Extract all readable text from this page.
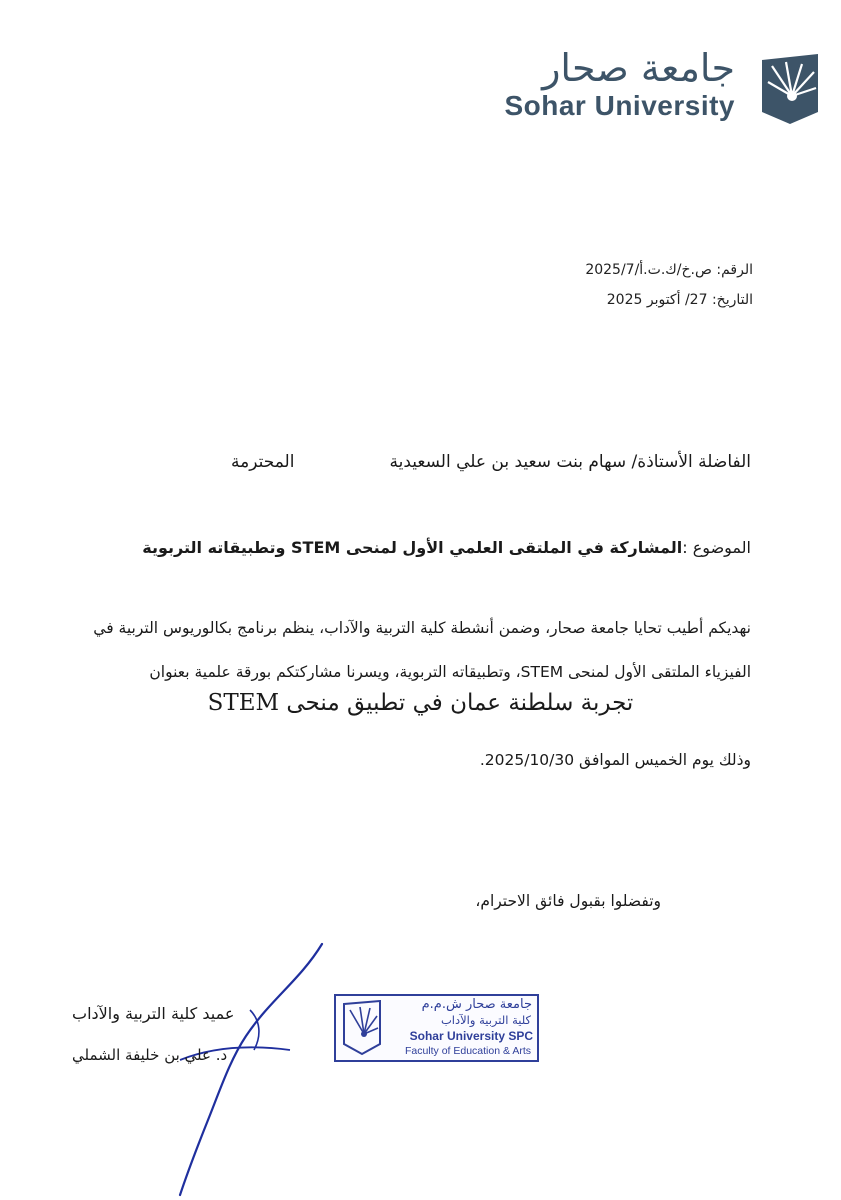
جامعة صحار
Sohar University
الرقم: ص.خ/ك.ت.أ/2025/7
التاريخ: 27/ أكتوبر 2025
الفاضلة الأستاذة/ سهام بنت سعيد بن علي السعيدية
المحترمة
الموضوع :المشاركة في الملتقى العلمي الأول لمنحى STEM وتطبيقاته التربوية
نهديكم أطيب تحايا جامعة صحار، وضمن أنشطة كلية التربية والآداب، ينظم برنامج بكالوريوس التربية في الفيزياء الملتقى الأول لمنحى STEM، وتطبيقاته التربوية، ويسرنا مشاركتكم بورقة علمية بعنوان
تجربة سلطنة عمان في تطبيق منحى STEM
وذلك يوم الخميس الموافق 2025/10/30.
وتفضلوا بقبول فائق الاحترام،
عميد كلية التربية والآداب
د. علي بن خليفة الشملي
جامعة صحار ش.م.م
كلية التربية والآداب
Sohar University SPC
Faculty of Education & Arts
